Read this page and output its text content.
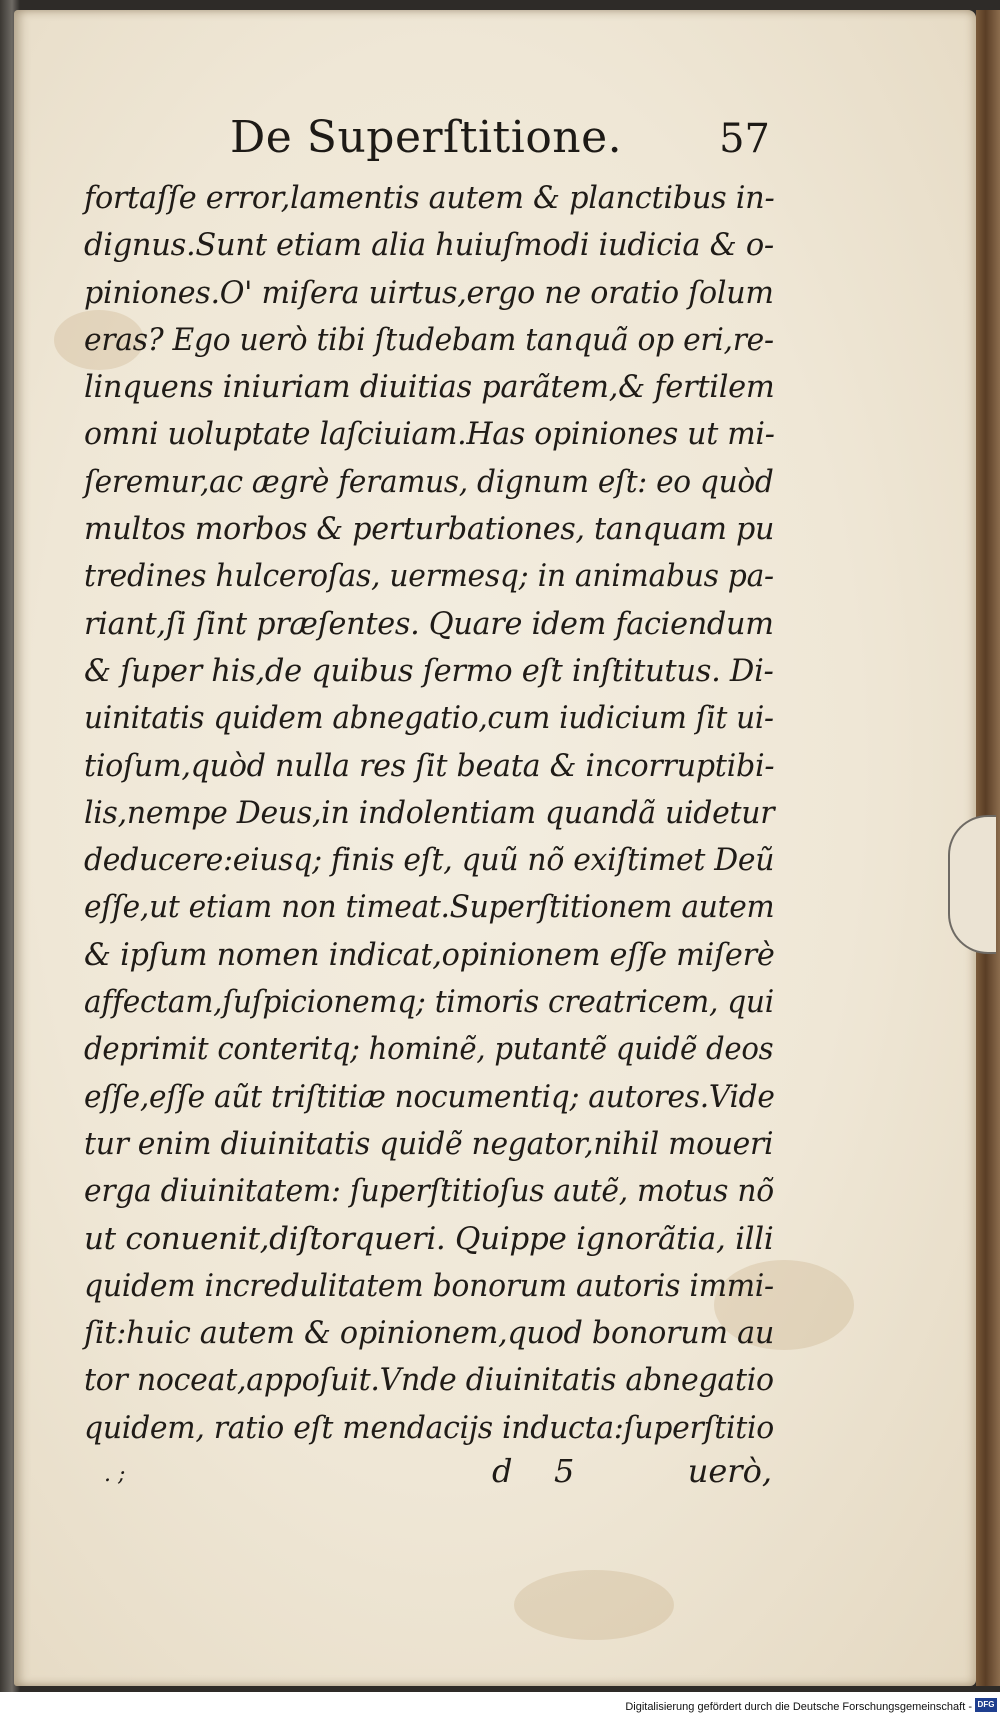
De Superſtitione. 57
fortaſſe error,lamentis autem & planctibus in-
dignus.Sunt etiam alia huiuſmodi iudicia & o-
piniones.O' miſera uirtus,ergo ne oratio ſolum
eras? Ego uerò tibi ſtudebam tanquã op eri,re-
linquens iniuriam diuitias parãtem,& fertilem
omni uoluptate laſciuiam.Has opiniones ut mi-
ſeremur,ac ægrè feramus, dignum eſt: eo quòd
multos morbos & perturbationes, tanquam pu
tredines hulceroſas, uermesq; in animabus pa-
riant,ſi ſint præſentes. Quare idem faciendum
& ſuper his,de quibus ſermo eſt inſtitutus. Di-
uinitatis quidem abnegatio,cum iudicium ſit ui-
tioſum,quòd nulla res ſit beata & incorruptibi-
lis,nempe Deus,in indolentiam quandã uidetur
deducere:eiusq; finis eſt, quũ nõ exiſtimet Deũ
eſſe,ut etiam non timeat.Superſtitionem autem
& ipſum nomen indicat,opinionem eſſe miſerè
affectam,ſuſpicionemq; timoris creatricem, qui
deprimit conteritq; hominẽ, putantẽ quidẽ deos
eſſe,eſſe aũt triſtitiæ nocumentiq; autores.Vide
tur enim diuinitatis quidẽ negator,nihil moueri
erga diuinitatem: ſuperſtitioſus autẽ, motus nõ
ut conuenit,diſtorqueri. Quippe ignorãtia, illi
quidem incredulitatem bonorum autoris immi-
ſit:huic autem & opinionem,quod bonorum au
tor noceat,appoſuit.Vnde diuinitatis abnegatio
quidem, ratio eſt mendacijs inducta:ſuperſtitio
. ;	d 5	uerò,
Digitalisierung gefördert durch die Deutsche Forschungsgemeinschaft - DFG
